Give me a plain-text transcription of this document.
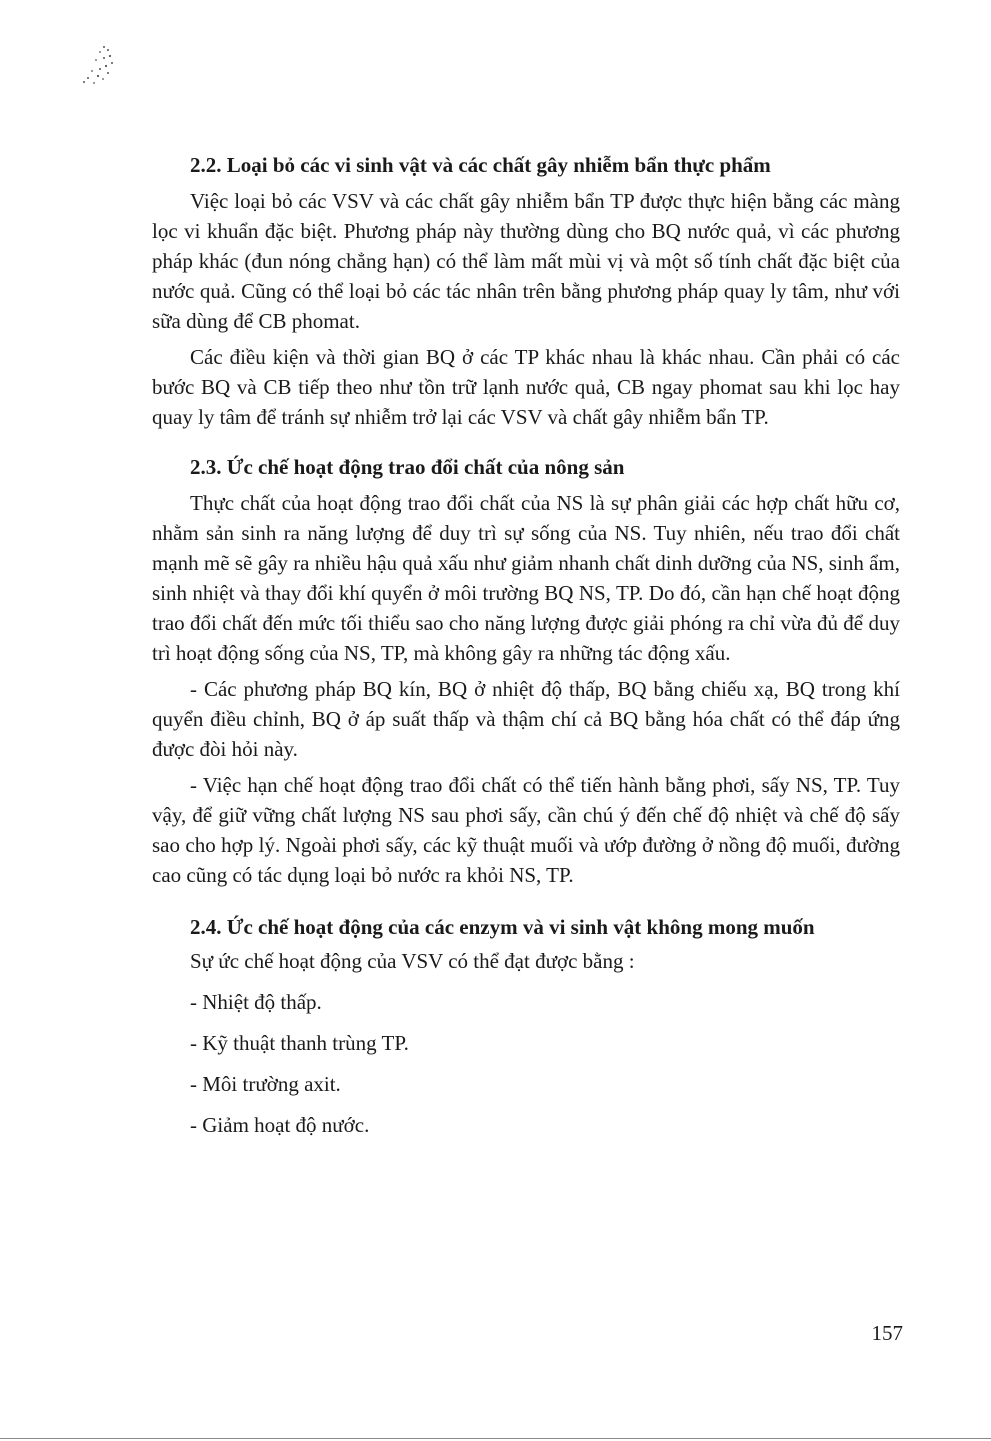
2.2. Loại bỏ các vi sinh vật và các chất gây nhiễm bẩn thực phẩm

Việc loại bỏ các VSV và các chất gây nhiễm bẩn TP được thực hiện bằng các màng lọc vi khuẩn đặc biệt. Phương pháp này thường dùng cho BQ nước quả, vì các phương pháp khác (đun nóng chẳng hạn) có thể làm mất mùi vị và một số tính chất đặc biệt của nước quả. Cũng có thể loại bỏ các tác nhân trên bằng phương pháp quay ly tâm, như với sữa dùng để CB phomat.

Các điều kiện và thời gian BQ ở các TP khác nhau là khác nhau. Cần phải có các bước BQ và CB tiếp theo như tồn trữ lạnh nước quả, CB ngay phomat sau khi lọc hay quay ly tâm để tránh sự nhiễm trở lại các VSV và chất gây nhiễm bẩn TP.

2.3. Ức chế hoạt động trao đổi chất của nông sản

Thực chất của hoạt động trao đổi chất của NS là sự phân giải các hợp chất hữu cơ, nhằm sản sinh ra năng lượng để duy trì sự sống của NS. Tuy nhiên, nếu trao đổi chất mạnh mẽ sẽ gây ra nhiều hậu quả xấu như giảm nhanh chất dinh dưỡng của NS, sinh ẩm, sinh nhiệt và thay đổi khí quyển ở môi trường BQ NS, TP. Do đó, cần hạn chế hoạt động trao đổi chất đến mức tối thiểu sao cho năng lượng được giải phóng ra chỉ vừa đủ để duy trì hoạt động sống của NS, TP, mà không gây ra những tác động xấu.

- Các phương pháp BQ kín, BQ ở nhiệt độ thấp, BQ bằng chiếu xạ, BQ trong khí quyển điều chỉnh, BQ ở áp suất thấp và thậm chí cả BQ bằng hóa chất có thể đáp ứng được đòi hỏi này.

- Việc hạn chế hoạt động trao đổi chất có thể tiến hành bằng phơi, sấy NS, TP. Tuy vậy, để giữ vững chất lượng NS sau phơi sấy, cần chú ý đến chế độ nhiệt và chế độ sấy sao cho hợp lý. Ngoài phơi sấy, các kỹ thuật muối và ướp đường ở nồng độ muối, đường cao cũng có tác dụng loại bỏ nước ra khỏi NS, TP.

2.4. Ức chế hoạt động của các enzym và vi sinh vật không mong muốn

Sự ức chế hoạt động của VSV có thể đạt được bằng :

- Nhiệt độ thấp.

- Kỹ thuật thanh trùng TP.

- Môi trường axit.

- Giảm hoạt độ nước.

157
